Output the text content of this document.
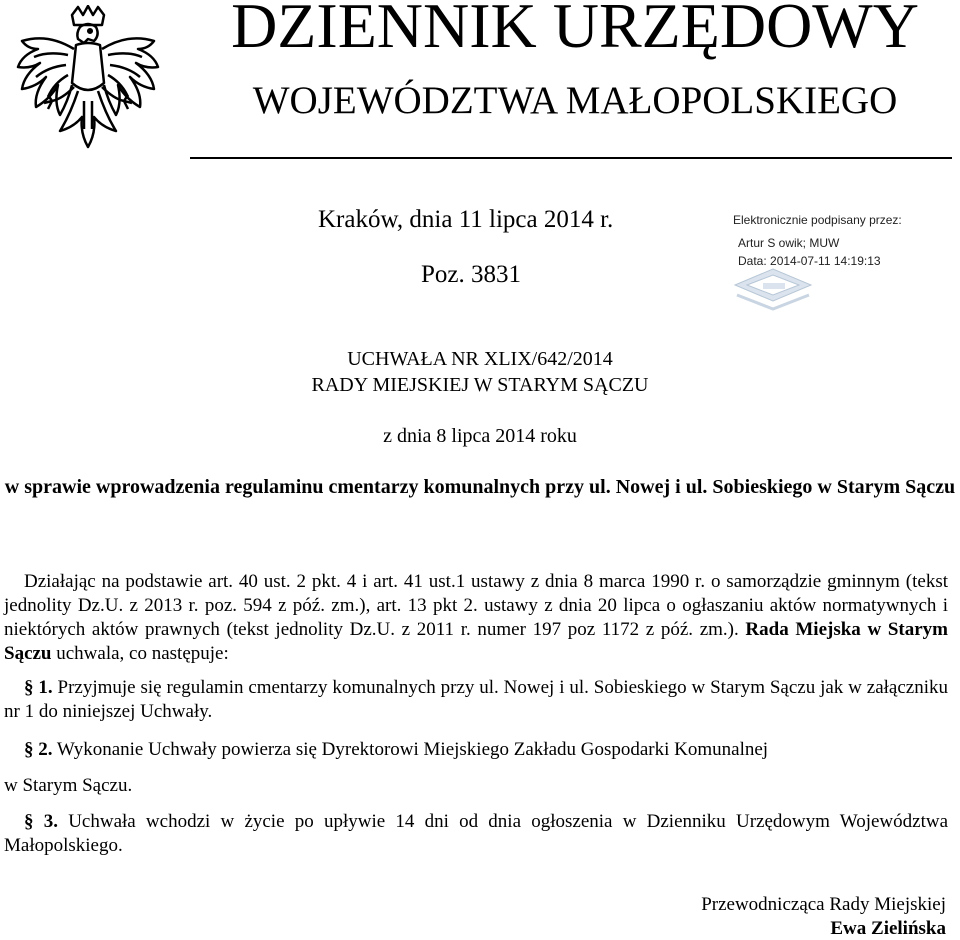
DZIENNIK URZĘDOWY
WOJEWÓDZTWA MAŁOPOLSKIEGO
Kraków, dnia 11 lipca 2014 r.
Poz. 3831
Elektronicznie podpisany przez:
Artur S owik; MUW
Data: 2014-07-11 14:19:13
UCHWAŁA NR XLIX/642/2014
RADY MIEJSKIEJ W STARYM SĄCZU
z dnia 8 lipca 2014 roku
w sprawie wprowadzenia regulaminu cmentarzy komunalnych przy ul. Nowej i ul. Sobieskiego w Starym Sączu
Działając na podstawie art. 40 ust. 2 pkt. 4 i art. 41 ust.1 ustawy z dnia 8 marca 1990 r. o samorządzie gminnym (tekst jednolity Dz.U. z 2013 r. poz. 594 z póź. zm.), art. 13 pkt 2. ustawy z dnia 20 lipca o ogłaszaniu aktów normatywnych i niektórych aktów prawnych (tekst jednolity Dz.U. z 2011 r. numer 197 poz 1172 z póź. zm.). Rada Miejska w Starym Sączu uchwala, co następuje:
§ 1. Przyjmuje się regulamin cmentarzy komunalnych przy ul. Nowej i ul. Sobieskiego w Starym Sączu jak w załączniku nr 1 do niniejszej Uchwały.
§ 2. Wykonanie Uchwały powierza się Dyrektorowi Miejskiego Zakładu Gospodarki Komunalnej
w Starym Sączu.
§ 3. Uchwała wchodzi w życie po upływie 14 dni od dnia ogłoszenia w Dzienniku Urzędowym Województwa Małopolskiego.
Przewodnicząca Rady Miejskiej
Ewa Zielińska
